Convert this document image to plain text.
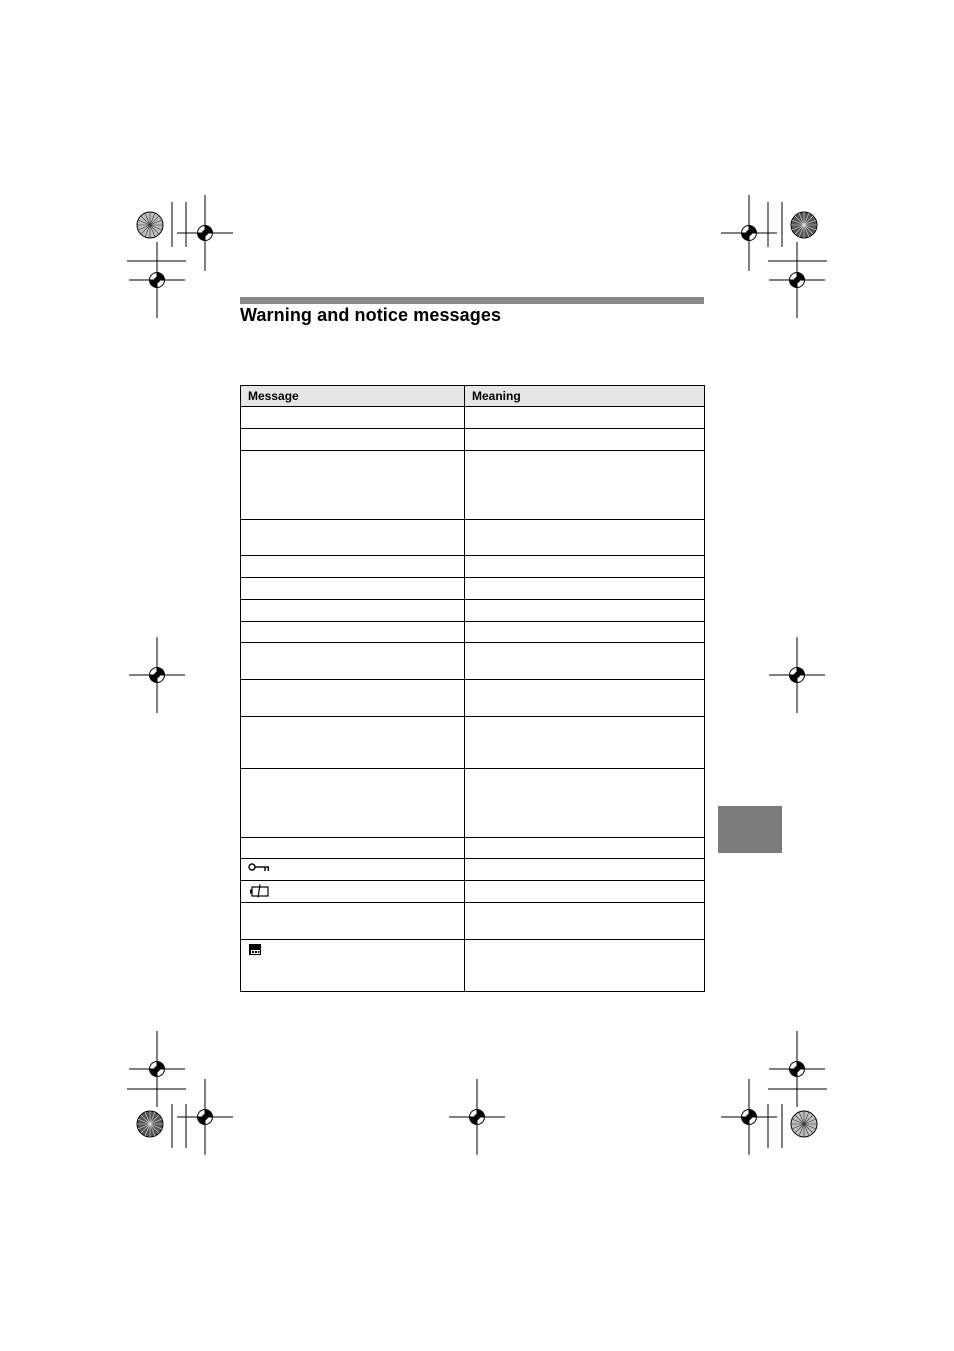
Warning and notice messages
Message	Meaning
